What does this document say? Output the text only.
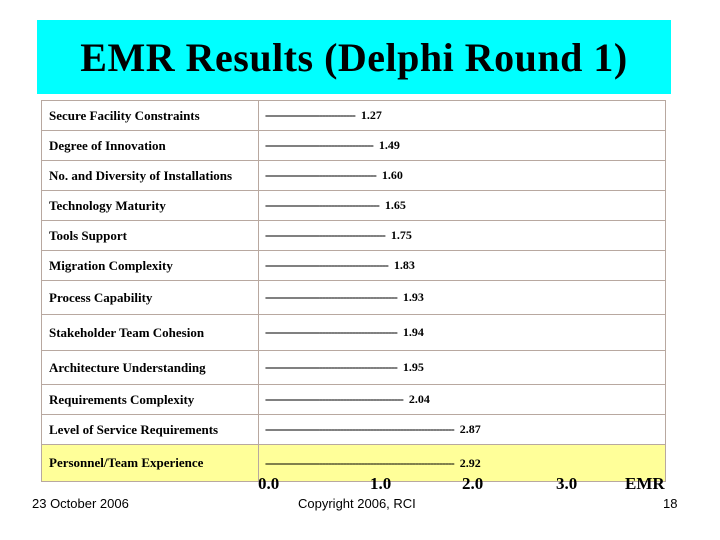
EMR Results (Delphi Round 1)
Secure Facility Constraints	------------------------------ 1.27
Degree of Innovation	------------------------------------ 1.49
No. and Diversity of Installations	------------------------------------- 1.60
Technology Maturity	-------------------------------------- 1.65
Tools Support	---------------------------------------- 1.75
Migration Complexity	----------------------------------------- 1.83
Process Capability	-------------------------------------------- 1.93
Stakeholder Team Cohesion	-------------------------------------------- 1.94
Architecture Understanding	-------------------------------------------- 1.95
Requirements Complexity	---------------------------------------------- 2.04
Level of Service Requirements	--------------------------------------------------------------- 2.87
Personnel/Team Experience	--------------------------------------------------------------- 2.92
0.0	1.0	2.0	3.0	EMR
23 October 2006	Copyright 2006, RCI	18
